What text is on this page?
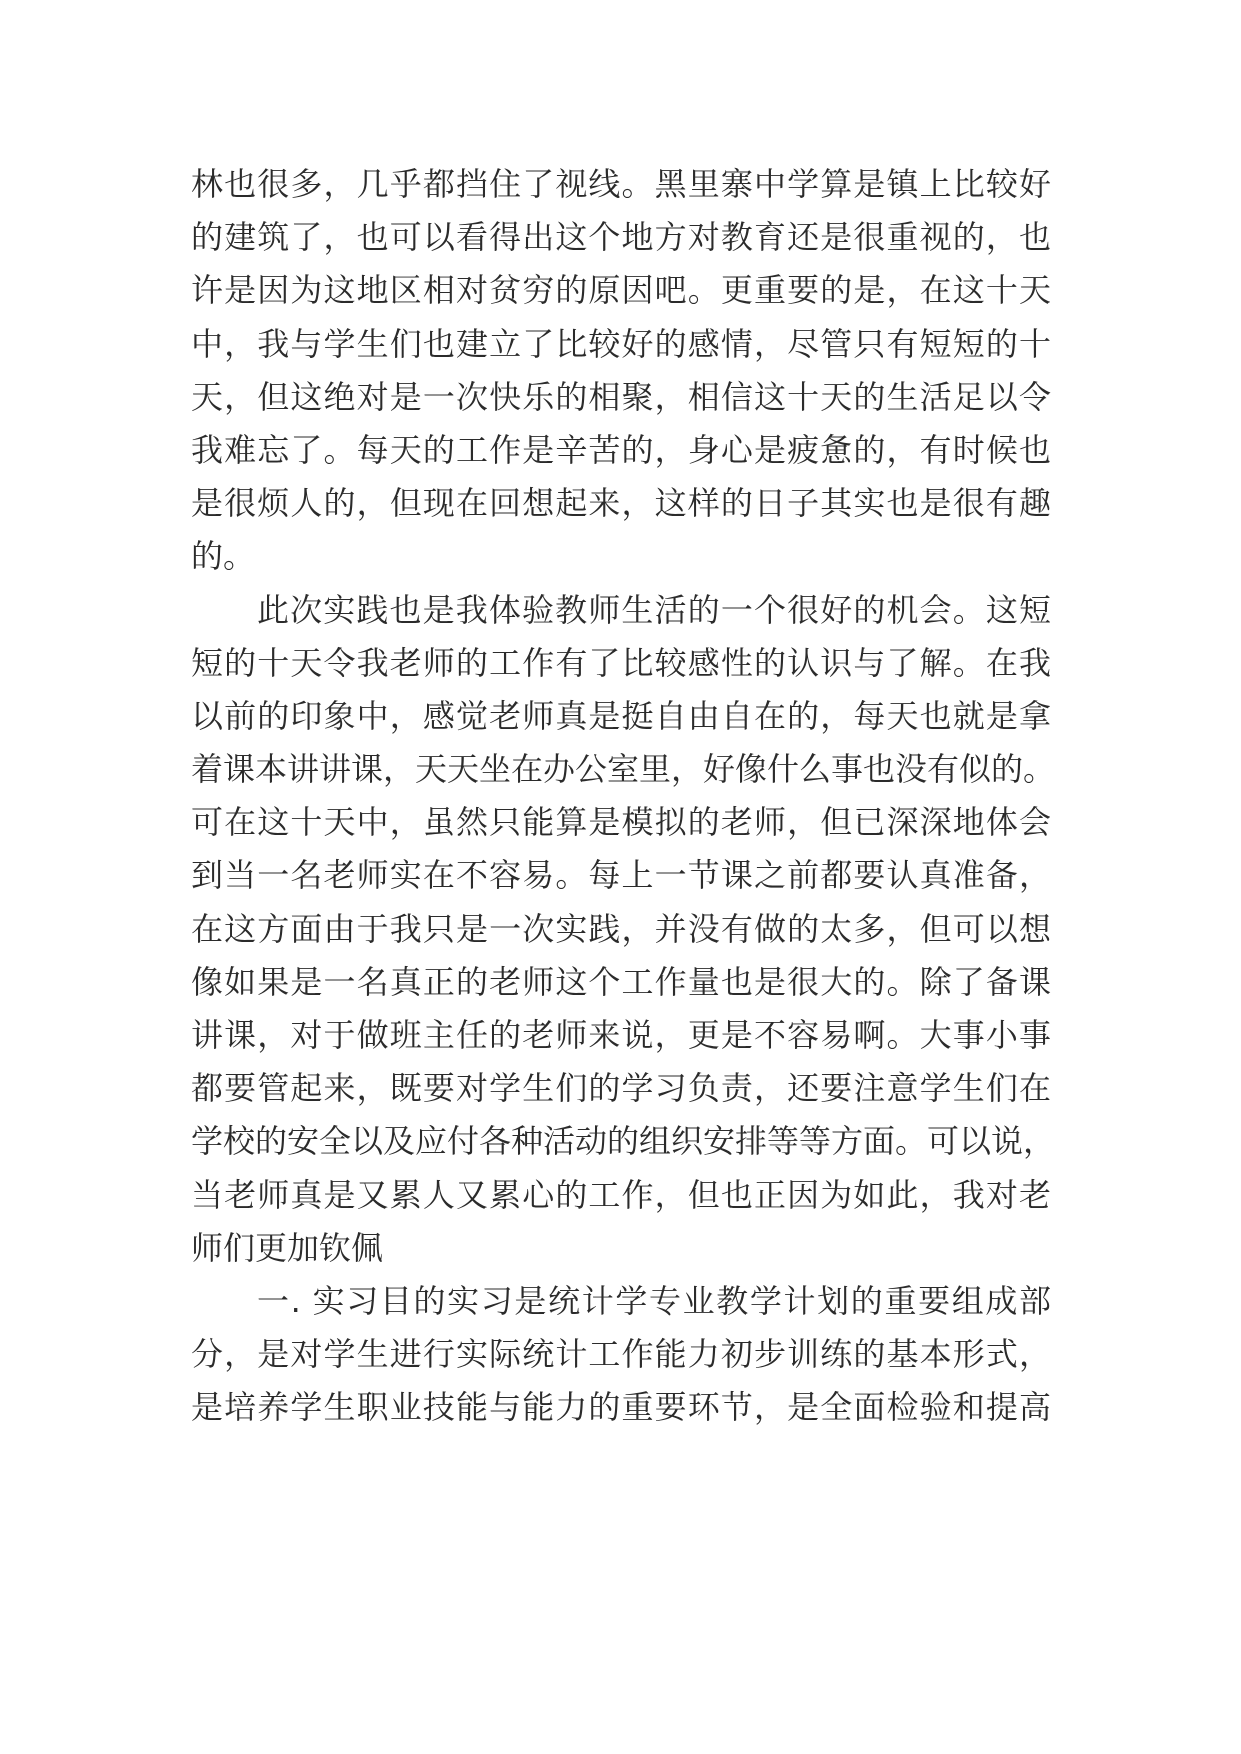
林也很多，几乎都挡住了视线。黑里寨中学算是镇上比较好
的建筑了，也可以看得出这个地方对教育还是很重视的，也
许是因为这地区相对贫穷的原因吧。更重要的是，在这十天
中，我与学生们也建立了比较好的感情，尽管只有短短的十
天，但这绝对是一次快乐的相聚，相信这十天的生活足以令
我难忘了。每天的工作是辛苦的，身心是疲惫的，有时候也
是很烦人的，但现在回想起来，这样的日子其实也是很有趣
的。
此次实践也是我体验教师生活的一个很好的机会。这短
短的十天令我老师的工作有了比较感性的认识与了解。在我
以前的印象中，感觉老师真是挺自由自在的，每天也就是拿
着课本讲讲课，天天坐在办公室里，好像什么事也没有似的。
可在这十天中，虽然只能算是模拟的老师，但已深深地体会
到当一名老师实在不容易。每上一节课之前都要认真准备，
在这方面由于我只是一次实践，并没有做的太多，但可以想
像如果是一名真正的老师这个工作量也是很大的。除了备课
讲课，对于做班主任的老师来说，更是不容易啊。大事小事
都要管起来，既要对学生们的学习负责，还要注意学生们在
学校的安全以及应付各种活动的组织安排等等方面。可以说，
当老师真是又累人又累心的工作，但也正因为如此，我对老
师们更加钦佩
一. 实习目的实习是统计学专业教学计划的重要组成部
分，是对学生进行实际统计工作能力初步训练的基本形式，
是培养学生职业技能与能力的重要环节，是全面检验和提高
